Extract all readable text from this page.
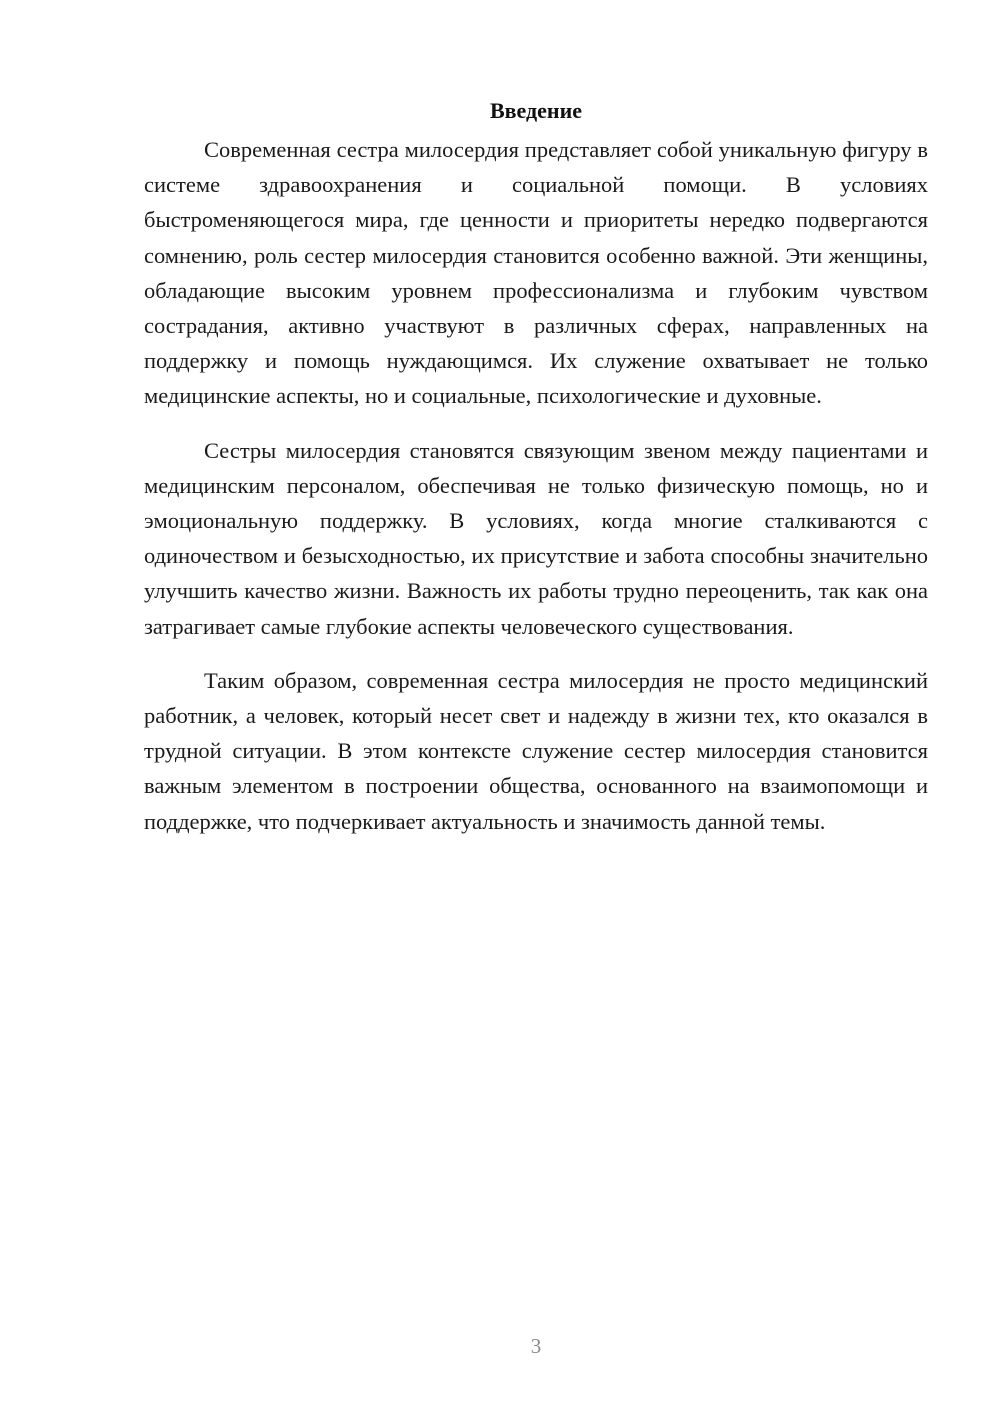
Введение

Современная сестра милосердия представляет собой уникальную фигуру в системе здравоохранения и социальной помощи. В условиях быстроменяющегося мира, где ценности и приоритеты нередко подвергаются сомнению, роль сестер милосердия становится особенно важной. Эти женщины, обладающие высоким уровнем профессионализма и глубоким чувством сострадания, активно участвуют в различных сферах, направленных на поддержку и помощь нуждающимся. Их служение охватывает не только медицинские аспекты, но и социальные, психологические и духовные.

Сестры милосердия становятся связующим звеном между пациентами и медицинским персоналом, обеспечивая не только физическую помощь, но и эмоциональную поддержку. В условиях, когда многие сталкиваются с одиночеством и безысходностью, их присутствие и забота способны значительно улучшить качество жизни. Важность их работы трудно переоценить, так как она затрагивает самые глубокие аспекты человеческого существования.

Таким образом, современная сестра милосердия не просто медицинский работник, а человек, который несет свет и надежду в жизни тех, кто оказался в трудной ситуации. В этом контексте служение сестер милосердия становится важным элементом в построении общества, основанного на взаимопомощи и поддержке, что подчеркивает актуальность и значимость данной темы.

3
